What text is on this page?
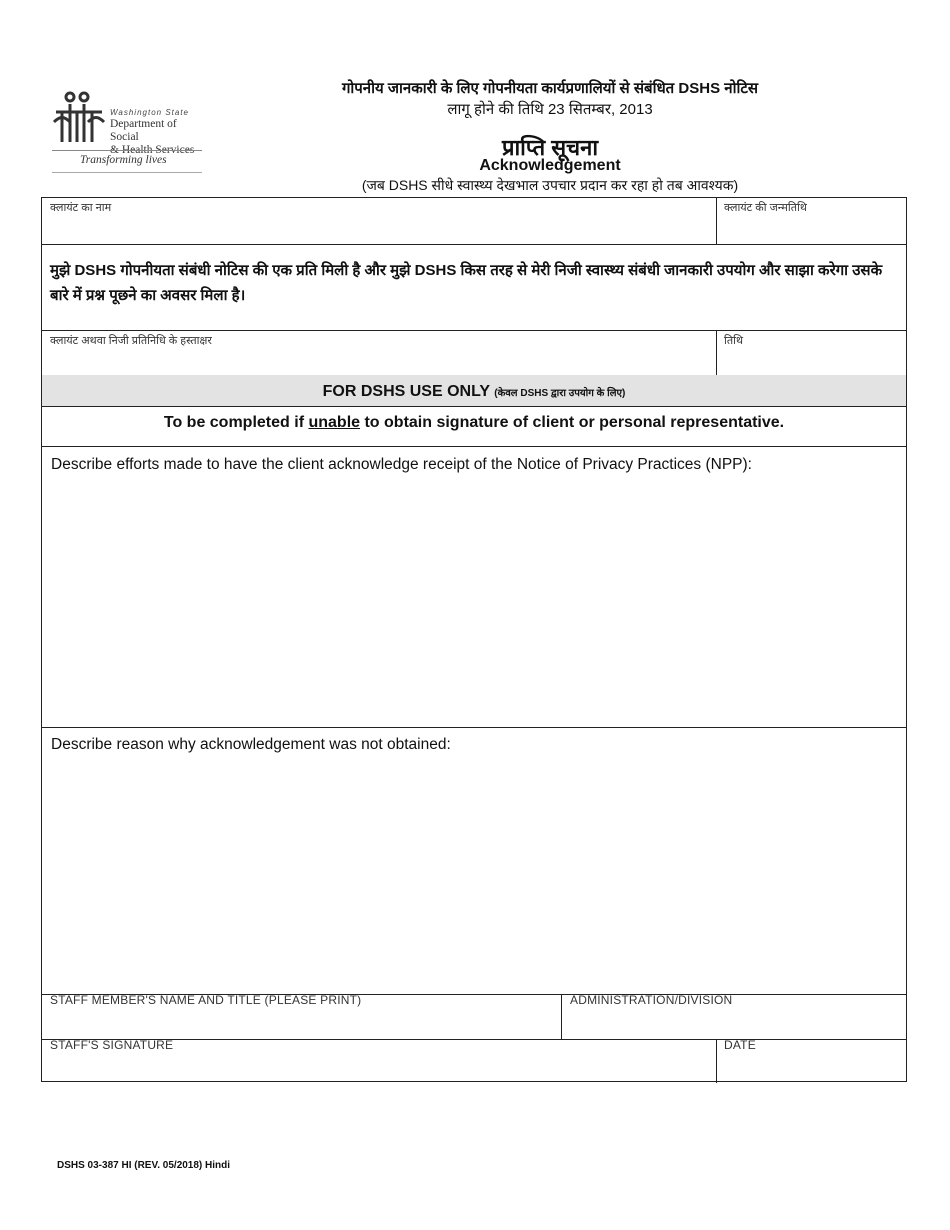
Washington State
Department of Social
& Health Services
Transforming lives
गोपनीय जानकारी के लिए गोपनीयता कार्यप्रणालियों से संबंधित DSHS नोटिस
लागू होने की तिथि 23 सितम्बर, 2013
प्राप्ति सूचना
Acknowledgement
(जब DSHS सीधे स्वास्थ्य देखभाल उपचार प्रदान कर रहा हो तब आवश्यक)
क्लायंट का नाम	क्लायंट की जन्मतिथि
मुझे DSHS गोपनीयता संबंधी नोटिस की एक प्रति मिली है और मुझे DSHS किस तरह से मेरी निजी स्वास्थ्य संबंधी जानकारी उपयोग और साझा करेगा उसके बारे में प्रश्न पूछने का अवसर मिला है।
क्लायंट अथवा निजी प्रतिनिधि के हस्ताक्षर	तिथि
FOR DSHS USE ONLY (केवल DSHS द्वारा उपयोग के लिए)
To be completed if unable to obtain signature of client or personal representative.
Describe efforts made to have the client acknowledge receipt of the Notice of Privacy Practices (NPP):
Describe reason why acknowledgement was not obtained:
STAFF MEMBER'S NAME AND TITLE (PLEASE PRINT)	ADMINISTRATION/DIVISION
STAFF'S SIGNATURE	DATE
DSHS 03-387 HI (REV. 05/2018) Hindi
